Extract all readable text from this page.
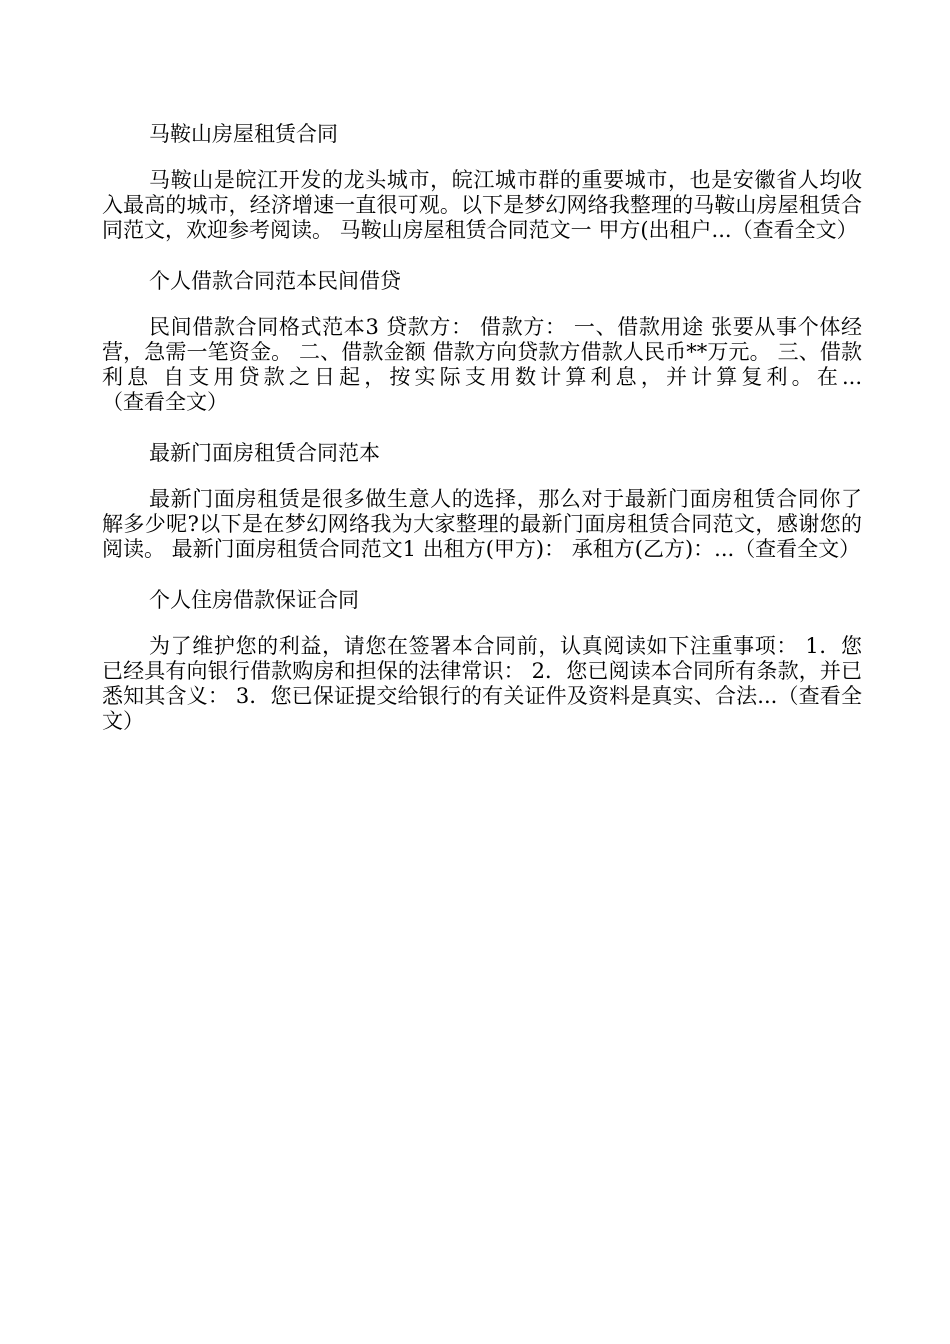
马鞍山房屋租赁合同

马鞍山是皖江开发的龙头城市，皖江城市群的重要城市，也是安徽省人均收入最高的城市，经济增速一直很可观。以下是梦幻网络我整理的马鞍山房屋租赁合同范文，欢迎参考阅读。 马鞍山房屋租赁合同范文一 甲方(出租户...（查看全文）

个人借款合同范本民间借贷

民间借款合同格式范本3 贷款方： 借款方： 一、借款用途 张要从事个体经营，急需一笔资金。 二、借款金额 借款方向贷款方借款人民币**万元。 三、借款利息 自支用贷款之日起，按实际支用数计算利息，并计算复利。在...（查看全文）

最新门面房租赁合同范本

最新门面房租赁是很多做生意人的选择，那么对于最新门面房租赁合同你了解多少呢?以下是在梦幻网络我为大家整理的最新门面房租赁合同范文，感谢您的阅读。 最新门面房租赁合同范文1 出租方(甲方)： 承租方(乙方)：...（查看全文）

个人住房借款保证合同

为了维护您的利益，请您在签署本合同前，认真阅读如下注重事项： 1．您已经具有向银行借款购房和担保的法律常识： 2．您已阅读本合同所有条款，并已悉知其含义： 3．您已保证提交给银行的有关证件及资料是真实、合法...（查看全文）
